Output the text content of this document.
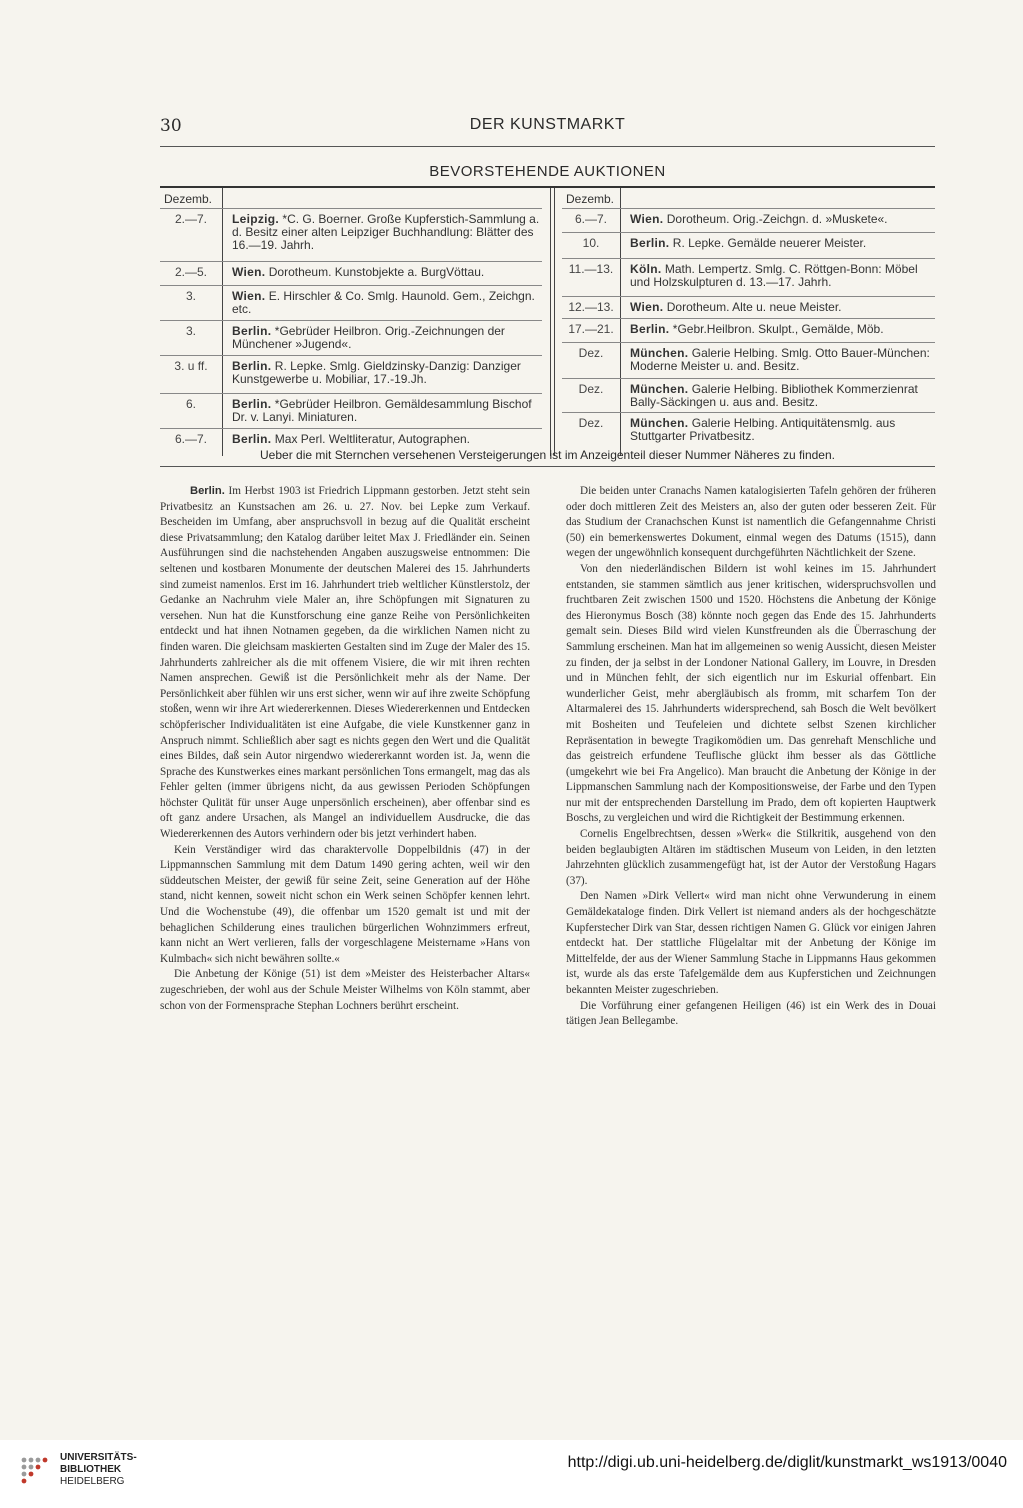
30	DER KUNSTMARKT
BEVORSTEHENDE AUKTIONEN
Dezemb.
2.—7.	Leipzig. *C. G. Boerner. Große Kupferstich-Sammlung a. d. Besitz einer alten Leipziger Buchhandlung: Blätter des 16.—19. Jahrh.
2.—5.	Wien. Dorotheum. Kunstobjekte a. BurgVöttau.
3.	Wien. E. Hirschler & Co. Smlg. Haunold. Gem., Zeichgn. etc.
3.	Berlin. *Gebrüder Heilbron. Orig.-Zeichnungen der Münchener »Jugend«.
3. u ff.	Berlin. R. Lepke. Smlg. Gieldzinsky-Danzig: Danziger Kunstgewerbe u. Mobiliar, 17.-19.Jh.
6.	Berlin. *Gebrüder Heilbron. Gemäldesammlung Bischof Dr. v. Lanyi. Miniaturen.
6.—7.	Berlin. Max Perl. Weltliteratur, Autographen.
Dezemb.
6.—7.	Wien. Dorotheum. Orig.-Zeichgn. d. »Muskete«.
10.	Berlin. R. Lepke. Gemälde neuerer Meister.
11.—13.	Köln. Math. Lempertz. Smlg. C. Röttgen-Bonn: Möbel und Holzskulpturen d. 13.—17. Jahrh.
12.—13.	Wien. Dorotheum. Alte u. neue Meister.
17.—21.	Berlin. *Gebr.Heilbron. Skulpt., Gemälde, Möb.
Dez.	München. Galerie Helbing. Smlg. Otto Bauer-München: Moderne Meister u. and. Besitz.
Dez.	München. Galerie Helbing. Bibliothek Kommerzienrat Bally-Säckingen u. aus and. Besitz.
Dez.	München. Galerie Helbing. Antiquitätensmlg. aus Stuttgarter Privatbesitz.
Ueber die mit Sternchen versehenen Versteigerungen ist im Anzeigenteil dieser Nummer Näheres zu finden.

Berlin. Im Herbst 1903 ist Friedrich Lippmann gestorben. Jetzt steht sein Privatbesitz an Kunstsachen am 26. u. 27. Nov. bei Lepke zum Verkauf. Bescheiden im Umfang, aber anspruchsvoll in bezug auf die Qualität erscheint diese Privatsammlung; den Katalog darüber leitet Max J. Friedländer ein. Seinen Ausführungen sind die nachstehenden Angaben auszugsweise entnommen: Die seltenen und kostbaren Monumente der deutschen Malerei des 15. Jahrhunderts sind zumeist namenlos. Erst im 16. Jahrhundert trieb weltlicher Künstlerstolz, der Gedanke an Nachruhm viele Maler an, ihre Schöpfungen mit Signaturen zu versehen. Nun hat die Kunstforschung eine ganze Reihe von Persönlichkeiten entdeckt und hat ihnen Notnamen gegeben, da die wirklichen Namen nicht zu finden waren. Die gleichsam maskierten Gestalten sind im Zuge der Maler des 15. Jahrhunderts zahlreicher als die mit offenem Visiere, die wir mit ihren rechten Namen ansprechen. Gewiß ist die Persönlichkeit mehr als der Name. Der Persönlichkeit aber fühlen wir uns erst sicher, wenn wir auf ihre zweite Schöpfung stoßen, wenn wir ihre Art wiedererkennen. Dieses Wiedererkennen und Entdecken schöpferischer Individualitäten ist eine Aufgabe, die viele Kunstkenner ganz in Anspruch nimmt. Schließlich aber sagt es nichts gegen den Wert und die Qualität eines Bildes, daß sein Autor nirgendwo wiedererkannt worden ist. Ja, wenn die Sprache des Kunstwerkes eines markant persönlichen Tons ermangelt, mag das als Fehler gelten (immer übrigens nicht, da aus gewissen Perioden Schöpfungen höchster Qulität für unser Auge unpersönlich erscheinen), aber offenbar sind es oft ganz andere Ursachen, als Mangel an individuellem Ausdrucke, die das Wiedererkennen des Autors verhindern oder bis jetzt verhindert haben.

Kein Verständiger wird das charaktervolle Doppelbildnis (47) in der Lippmannschen Sammlung mit dem Datum 1490 gering achten, weil wir den süddeutschen Meister, der gewiß für seine Zeit, seine Generation auf der Höhe stand, nicht kennen, soweit nicht schon ein Werk seinen Schöpfer kennen lehrt. Und die Wochenstube (49), die offenbar um 1520 gemalt ist und mit der behaglichen Schilderung eines traulichen bürgerlichen Wohnzimmers erfreut, kann nicht an Wert verlieren, falls der vorgeschlagene Meistername »Hans von Kulmbach« sich nicht bewähren sollte.«

Die Anbetung der Könige (51) ist dem »Meister des Heisterbacher Altars« zugeschrieben, der wohl aus der Schule Meister Wilhelms von Köln stammt, aber schon von der Formensprache Stephan Lochners berührt erscheint.

Die beiden unter Cranachs Namen katalogisierten Tafeln gehören der früheren oder doch mittleren Zeit des Meisters an, also der guten oder besseren Zeit. Für das Studium der Cranachschen Kunst ist namentlich die Gefangennahme Christi (50) ein bemerkenswertes Dokument, einmal wegen des Datums (1515), dann wegen der ungewöhnlich konsequent durchgeführten Nächtlichkeit der Szene.

Von den niederländischen Bildern ist wohl keines im 15. Jahrhundert entstanden, sie stammen sämtlich aus jener kritischen, widerspruchsvollen und fruchtbaren Zeit zwischen 1500 und 1520. Höchstens die Anbetung der Könige des Hieronymus Bosch (38) könnte noch gegen das Ende des 15. Jahrhunderts gemalt sein. Dieses Bild wird vielen Kunstfreunden als die Überraschung der Sammlung erscheinen. Man hat im allgemeinen so wenig Aussicht, diesen Meister zu finden, der ja selbst in der Londoner National Gallery, im Louvre, in Dresden und in München fehlt, der sich eigentlich nur im Eskurial offenbart. Ein wunderlicher Geist, mehr abergläubisch als fromm, mit scharfem Ton der Altarmalerei des 15. Jahrhunderts widersprechend, sah Bosch die Welt bevölkert mit Bosheiten und Teufeleien und dichtete selbst Szenen kirchlicher Repräsentation in bewegte Tragikomödien um. Das genrehaft Menschliche und das geistreich erfundene Teuflische glückt ihm besser als das Göttliche (umgekehrt wie bei Fra Angelico). Man braucht die Anbetung der Könige in der Lippmanschen Sammlung nach der Kompositionsweise, der Farbe und den Typen nur mit der entsprechenden Darstellung im Prado, dem oft kopierten Hauptwerk Boschs, zu vergleichen und wird die Richtigkeit der Bestimmung erkennen.

Cornelis Engelbrechtsen, dessen »Werk« die Stilkritik, ausgehend von den beiden beglaubigten Altären im städtischen Museum von Leiden, in den letzten Jahrzehnten glücklich zusammengefügt hat, ist der Autor der Verstoßung Hagars (37).

Den Namen »Dirk Vellert« wird man nicht ohne Verwunderung in einem Gemäldekataloge finden. Dirk Vellert ist niemand anders als der hochgeschätzte Kupferstecher Dirk van Star, dessen richtigen Namen G. Glück vor einigen Jahren entdeckt hat. Der stattliche Flügelaltar mit der Anbetung der Könige im Mittelfelde, der aus der Wiener Sammlung Stache in Lippmanns Haus gekommen ist, wurde als das erste Tafelgemälde dem aus Kupferstichen und Zeichnungen bekannten Meister zugeschrieben.

Die Vorführung einer gefangenen Heiligen (46) ist ein Werk des in Douai tätigen Jean Bellegambe.

UNIVERSITÄTS-
BIBLIOTHEK
HEIDELBERG
http://digi.ub.uni-heidelberg.de/diglit/kunstmarkt_ws1913/0040
